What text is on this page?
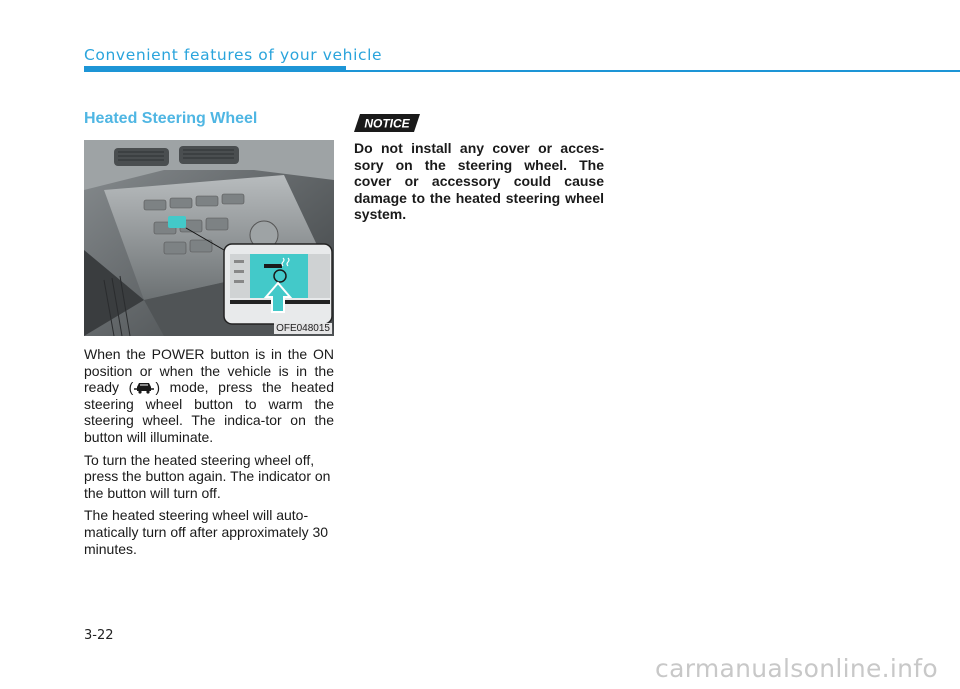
Convenient features of your vehicle
Heated Steering Wheel
OFE048015

When the POWER button is in the ON position or when the vehicle is in the ready ( ) mode, press the heated steering wheel button to warm the steering wheel. The indica-tor on the button will illuminate.

To turn the heated steering wheel off, press the button again. The indicator on the button will turn off.

The heated steering wheel will auto-matically turn off after approximately 30 minutes.

NOTICE

Do not install any cover or acces-sory on the steering wheel. The cover or accessory could cause damage to the heated steering wheel system.

3-22
carmanualsonline.info
